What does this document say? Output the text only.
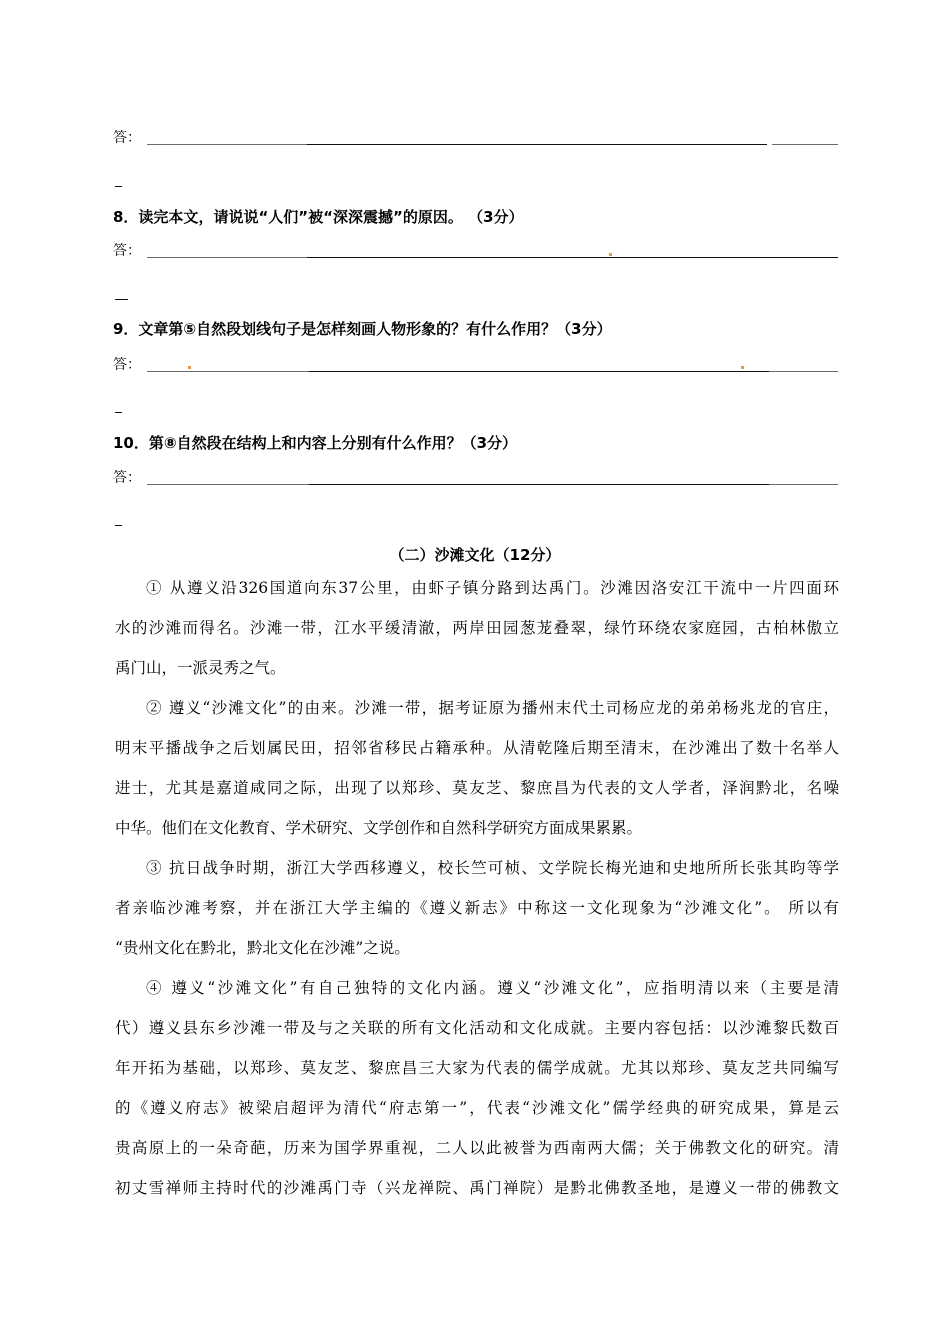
答：
8．读完本文，请说说“人们”被“深深震撼”的原因。 （3分）
答：
9．文章第⑤自然段划线句子是怎样刻画人物形象的？有什么作用？（3分）
答：
10．第⑧自然段在结构上和内容上分别有什么作用？（3分）
答：
（二）沙滩文化（12分）
① 从遵义沿326国道向东37公里，由虾子镇分路到达禹门。沙滩因洛安江干流中一片四面环
水的沙滩而得名。沙滩一带，江水平缓清澈，两岸田园葱茏叠翠，绿竹环绕农家庭园，古柏林傲立
禹门山，一派灵秀之气。
② 遵义“沙滩文化”的由来。沙滩一带，据考证原为播州末代土司杨应龙的弟弟杨兆龙的官庄，
明末平播战争之后划属民田，招邻省移民占籍承种。从清乾隆后期至清末，在沙滩出了数十名举人
进士，尤其是嘉道咸同之际，出现了以郑珍、莫友芝、黎庶昌为代表的文人学者，泽润黔北，名噪
中华。他们在文化教育、学术研究、文学创作和自然科学研究方面成果累累。
③ 抗日战争时期，浙江大学西移遵义，校长竺可桢、文学院长梅光迪和史地所所长张其昀等学
者亲临沙滩考察，并在浙江大学主编的《遵义新志》中称这一文化现象为“沙滩文化”。 所以有
“贵州文化在黔北，黔北文化在沙滩”之说。
④ 遵义“沙滩文化”有自己独特的文化内涵。遵义“沙滩文化”，应指明清以来（主要是清
代）遵义县东乡沙滩一带及与之关联的所有文化活动和文化成就。主要内容包括：以沙滩黎氏数百
年开拓为基础，以郑珍、莫友芝、黎庶昌三大家为代表的儒学成就。尤其以郑珍、莫友芝共同编写
的《遵义府志》被梁启超评为清代“府志第一”，代表“沙滩文化”儒学经典的研究成果，算是云
贵高原上的一朵奇葩，历来为国学界重视，二人以此被誉为西南两大儒；关于佛教文化的研究。清
初丈雪禅师主持时代的沙滩禹门寺（兴龙禅院、禹门禅院）是黔北佛教圣地，是遵义一带的佛教文
